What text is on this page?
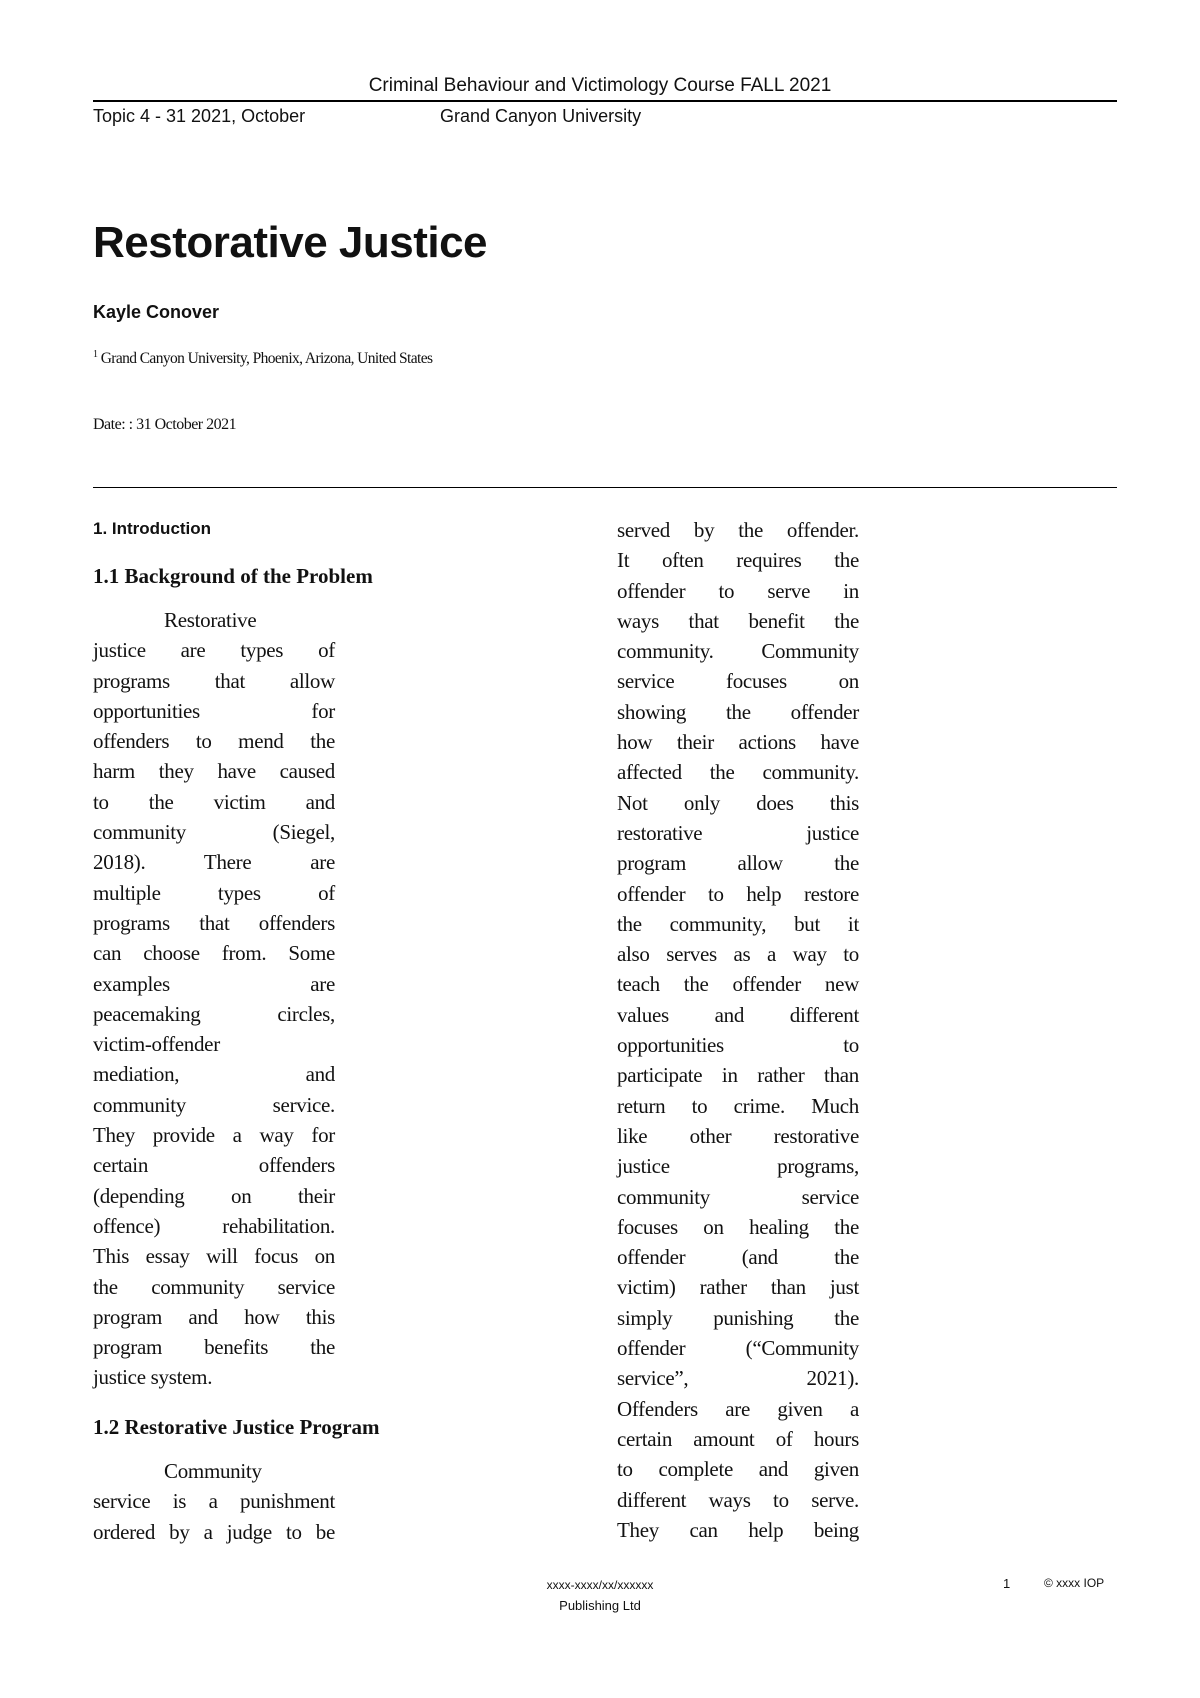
Criminal Behaviour and Victimology Course FALL 2021
Topic 4 - 31 2021, October	Grand Canyon University
Restorative Justice
Kayle Conover
$^1$ Grand Canyon University, Phoenix, Arizona, United States
Date: : 31 October 2021
1. Introduction
1.1 Background of the Problem
Restorative
justice are types of
programs that allow
opportunities for
offenders to mend the
harm they have caused
to the victim and
community (Siegel,
2018). There are
multiple types of
programs that offenders
can choose from. Some
examples are
peacemaking circles,
victim-offender
mediation, and
community service.
They provide a way for
certain offenders
(depending on their
offence) rehabilitation.
This essay will focus on
the community service
program and how this
program benefits the
justice system.
1.2 Restorative Justice Program
Community
service is a punishment
ordered by a judge to be
served by the offender.
It often requires the
offender to serve in
ways that benefit the
community. Community
service focuses on
showing the offender
how their actions have
affected the community.
Not only does this
restorative justice
program allow the
offender to help restore
the community, but it
also serves as a way to
teach the offender new
values and different
opportunities to
participate in rather than
return to crime. Much
like other restorative
justice programs,
community service
focuses on healing the
offender (and the
victim) rather than just
simply punishing the
offender (“Community
service”, 2021).
Offenders are given a
certain amount of hours
to complete and given
different ways to serve.
They can help being
xxxx-xxxx/xx/xxxxxx
Publishing Ltd
1	© xxxx IOP
